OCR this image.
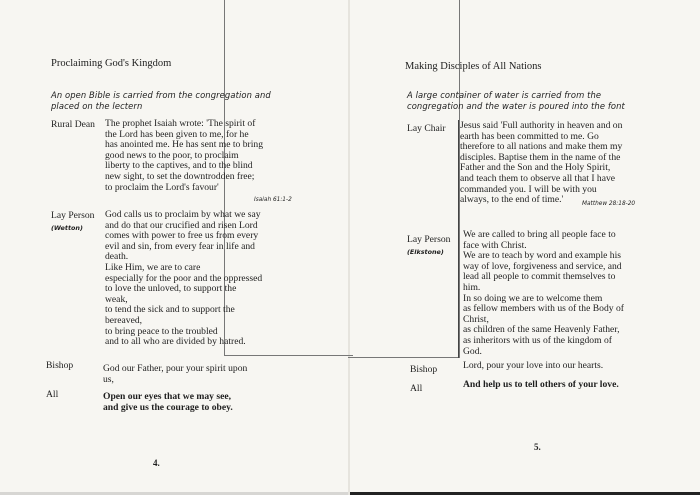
Proclaiming God's Kingdom
An open Bible is carried from the congregation and
placed on the lectern
Rural Dean The prophet Isaiah wrote: 'The spirit of
the Lord has been given to me, for he
has anointed me. He has sent me to bring
good news to the poor, to proclaim
liberty to the captives, and to the blind
new sight, to set the downtrodden free;
to proclaim the Lord's favour'
Isaiah 61:1-2
Lay Person
(Wetton)
God calls us to proclaim by what we say
and do that our crucified and risen Lord
comes with power to free us from every
evil and sin, from every fear in life and
death.
Like Him, we are to care
especially for the poor and the oppressed
to love the unloved, to support the
weak,
to tend the sick and to support the
bereaved,
to bring peace to the troubled
and to all who are divided by hatred.
Bishop	God our Father, pour your spirit upon
us,
All	Open our eyes that we may see,
and give us the courage to obey.
4.
Making Disciples of All Nations
A large container of water is carried from the
congregation and the water is poured into the font
Lay Chair Jesus said 'Full authority in heaven and on
earth has been committed to me. Go
therefore to all nations and make them my
disciples. Baptise them in the name of the
Father and the Son and the Holy Spirit,
and teach them to observe all that I have
commanded you. I will be with you
always, to the end of time.'	Matthew 28:18-20
Lay Person
(Elkstone)
We are called to bring all people face to
face with Christ.
We are to teach by word and example his
way of love, forgiveness and service, and
lead all people to commit themselves to
him.
In so doing we are to welcome them
as fellow members with us of the Body of
Christ,
as children of the same Heavenly Father,
as inheritors with us of the kingdom of
God.
Bishop	Lord, pour your love into our hearts.
All	And help us to tell others of your love.
5.
